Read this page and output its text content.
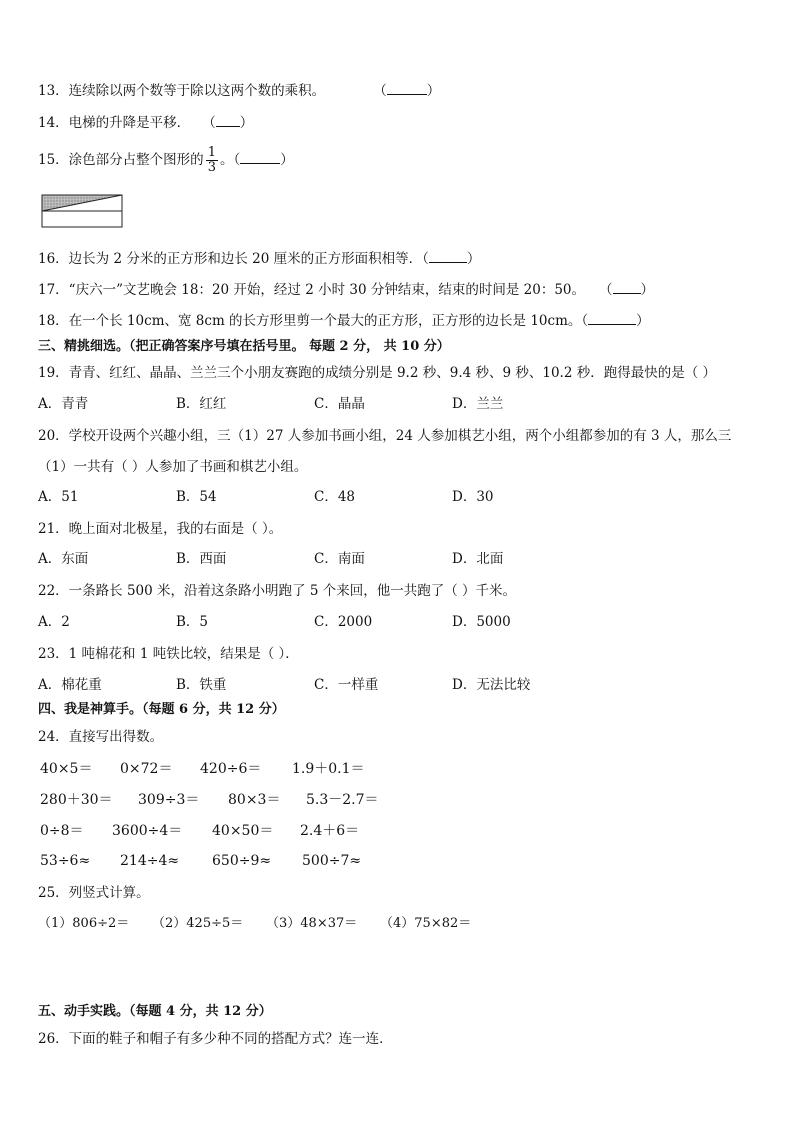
13．连续除以两个数等于除以这两个数的乘积。	（	）
14．电梯的升降是平移． （ ）
15．涂色部分占整个图形的 $\frac{1}{3}$ 。（	）
16．边长为 2 分米的正方形和边长 20 厘米的正方形面积相等．（	）
17．“庆六一”文艺晚会 18：20 开始，经过 2 小时 30 分钟结束，结束的时间是 20：50。 （ ）
18．在一个长 10cm、宽 8cm 的长方形里剪一个最大的正方形，正方形的边长是 10cm。（	）
三、精挑细选。（把正确答案序号填在括号里。 每题 2 分， 共 10 分）
19．青青、红红、晶晶、兰兰三个小朋友赛跑的成绩分别是 9.2 秒、9.4 秒、9 秒、10.2 秒．跑得最快的是（ ）
A．青青	B．红红	C．晶晶	D．兰兰
20．学校开设两个兴趣小组，三（1）27 人参加书画小组，24 人参加棋艺小组，两个小组都参加的有 3 人，那么三
（1）一共有（ ）人参加了书画和棋艺小组。
A．51	B．54	C．48	D．30
21．晚上面对北极星，我的右面是（ ）。
A．东面	B．西面	C．南面	D．北面
22．一条路长 500 米，沿着这条路小明跑了 5 个来回，他一共跑了（ ）千米。
A．2	B．5	C．2000	D．5000
23．1 吨棉花和 1 吨铁比较，结果是（ ）．
A．棉花重	B．铁重	C．一样重	D．无法比较
四、我是神算手。（每题 6 分，共 12 分）
24．直接写出得数。
40×5＝ 0×72＝ 420÷6＝ 1.9＋0.1＝
280＋30＝ 309÷3＝ 80×3＝ 5.3－2.7＝
0÷8＝ 3600÷4＝ 40×50＝ 2.4＋6＝
53÷6≈ 214÷4≈ 650÷9≈ 500÷7≈
25．列竖式计算。
（1）806÷2＝ （2）425÷5＝ （3）48×37＝ （4）75×82＝
五、动手实践。（每题 4 分，共 12 分）
26．下面的鞋子和帽子有多少种不同的搭配方式？连一连．
